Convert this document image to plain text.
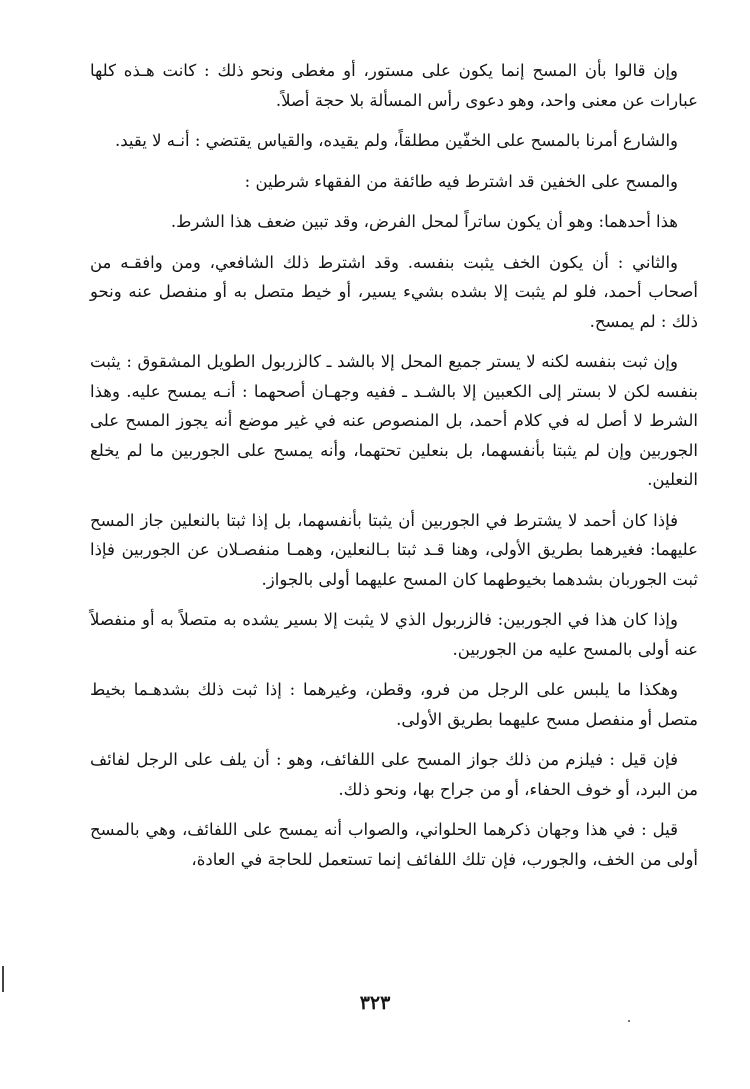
وإن قالوا بأن المسح إنما يكون على مستور، أو مغطى ونحو ذلك : كانت هـذه كلها عبارات عن معنى واحد، وهو دعوى رأس المسألة بلا حجة أصلاً.

والشارع أمرنا بالمسح على الخفّين مطلقاً، ولم يقيده، والقياس يقتضي : أنـه لا يقيد.

والمسح على الخفين قد اشترط فيه طائفة من الفقهاء شرطين :

هذا أحدهما: وهو أن يكون ساتراً لمحل الفرض، وقد تبين ضعف هذا الشرط.

والثاني : أن يكون الخف يثبت بنفسه. وقد اشترط ذلك الشافعي، ومن وافقـه من أصحاب أحمد، فلو لم يثبت إلا بشده بشيء يسير، أو خيط متصل به أو منفصل عنه ونحو ذلك : لم يمسح.

وإن ثبت بنفسه لكنه لا يستر جميع المحل إلا بالشد ـ كالزربول الطويل المشقوق : يثبت بنفسه لكن لا بستر إلى الكعبين إلا بالشـد ـ ففيه وجهـان أصحهما : أنـه يمسح عليه. وهذا الشرط لا أصل له في كلام أحمد، بل المنصوص عنه في غير موضع أنه يجوز المسح على الجوربين وإن لم يثبتا بأنفسهما، بل بنعلين تحتهما، وأنه يمسح على الجوربين ما لم يخلع النعلين.

فإذا كان أحمد لا يشترط في الجوربين أن يثبتا بأنفسهما، بل إذا ثبتا بالنعلين جاز المسح عليهما: فغيرهما بطريق الأولى، وهنا قـد ثبتا بـالنعلين، وهمـا منفصـلان عن الجوربين فإذا ثبت الجوربان بشدهما بخيوطهما كان المسح عليهما أولى بالجواز.

وإذا كان هذا في الجوربين: فالزربول الذي لا يثبت إلا بسير يشده به متصلاً به أو منفصلاً عنه أولى بالمسح عليه من الجوربين.

وهكذا ما يلبس على الرجل من فرو، وقطن، وغيرهما : إذا ثبت ذلك بشدهـما بخيط متصل أو منفصل مسح عليهما بطريق الأولى.

فإن قيل : فيلزم من ذلك جواز المسح على اللفائف، وهو : أن يلف على الرجل لفائف من البرد، أو خوف الحفاء، أو من جراح بها، ونحو ذلك.

قيل : في هذا وجهان ذكرهما الحلواني، والصواب أنه يمسح على اللفائف، وهي بالمسح أولى من الخف، والجورب، فإن تلك اللفائف إنما تستعمل للحاجة في العادة،

٣٢٣
